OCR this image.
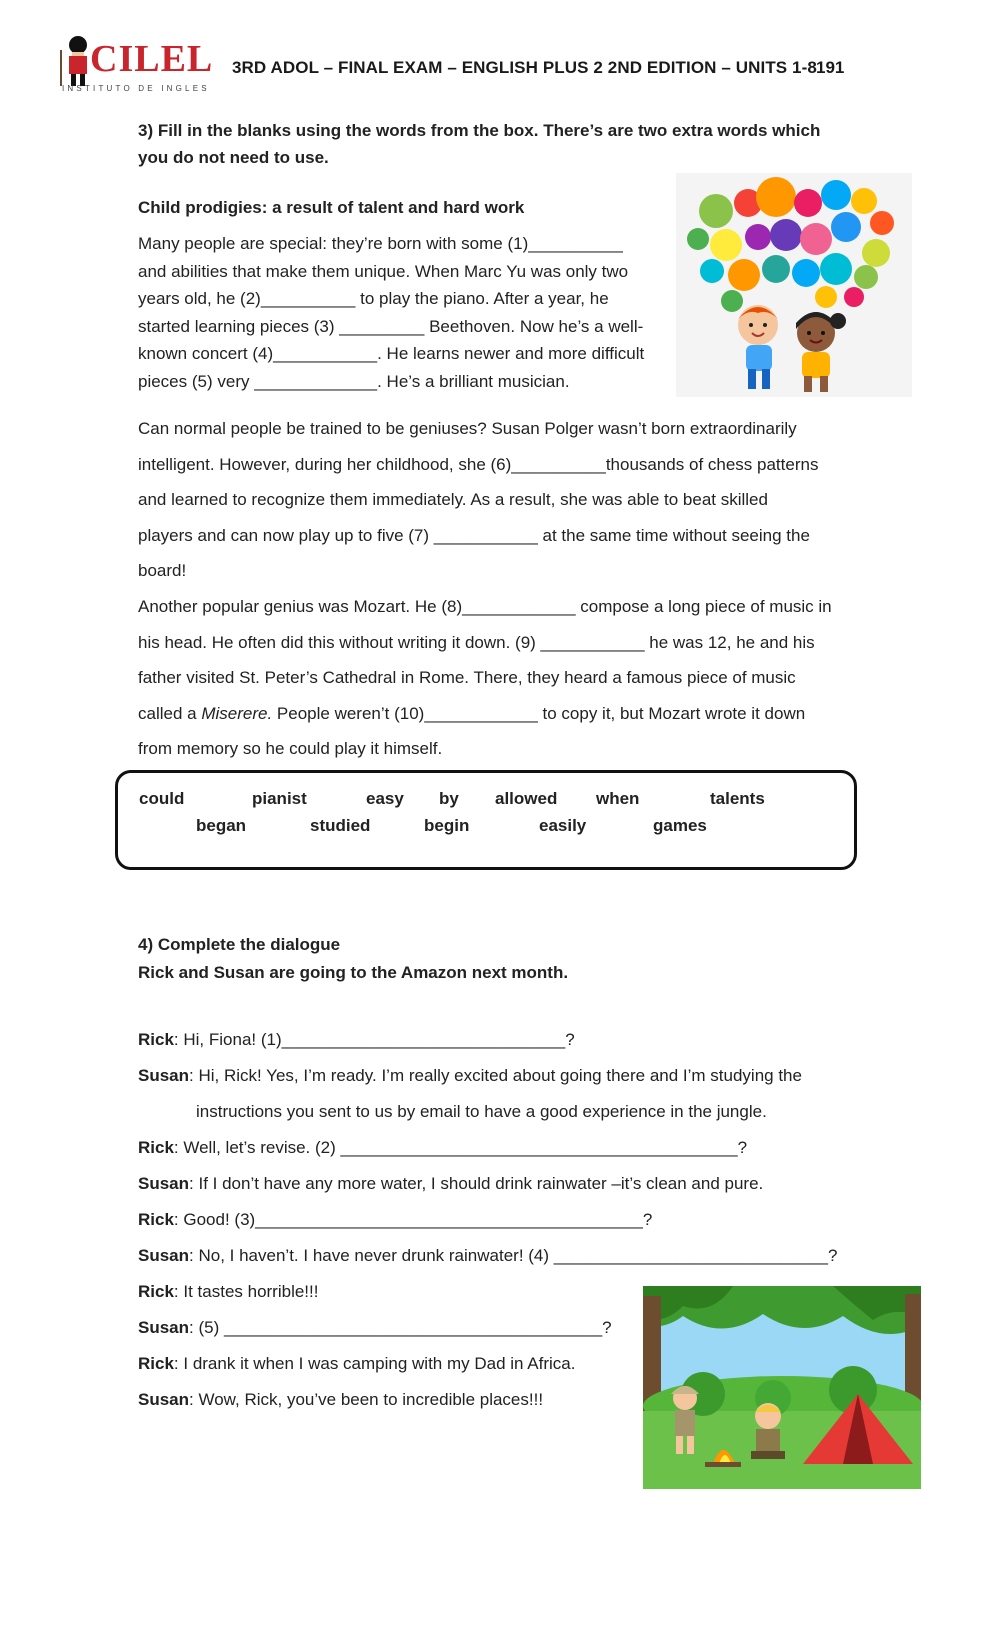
CILEL
INSTITUTO DE INGLES
3RD ADOL – FINAL EXAM – ENGLISH PLUS 2 2ND EDITION – UNITS 1-8 191
3) Fill in the blanks using the words from the box. There’s are two extra words which
you do not need to use.
Child prodigies: a result of talent and hard work
Many people are special: they’re born with some (1)__________
and abilities that make them unique. When Marc Yu was only two
years old, he (2)__________ to play the piano. After a year, he
started learning pieces (3) _________ Beethoven. Now he’s a well-
known concert (4)___________. He learns newer and more difficult
pieces (5) very _____________. He’s a brilliant musician.
Can normal people be trained to be geniuses? Susan Polger wasn’t born extraordinarily
intelligent. However, during her childhood, she (6)__________thousands of chess patterns
and learned to recognize them immediately. As a result, she was able to beat skilled
players and can now play up to five (7) ___________ at the same time without seeing the
board!
Another popular genius was Mozart. He (8)____________ compose a long piece of music in
his head. He often did this without writing it down. (9) ___________ he was 12, he and his
father visited St. Peter’s Cathedral in Rome. There, they heard a famous piece of music
called a Miserere. People weren’t (10)____________ to copy it, but Mozart wrote it down
from memory so he could play it himself.
could	pianist	easy by allowed when	talents
began	studied	begin	easily	games
4) Complete the dialogue
Rick and Susan are going to the Amazon next month.
Rick: Hi, Fiona! (1)______________________________?
Susan: Hi, Rick! Yes, I’m ready. I’m really excited about going there and I’m studying the
instructions you sent to us by email to have a good experience in the jungle.
Rick: Well, let’s revise. (2) __________________________________________?
Susan: If I don’t have any more water, I should drink rainwater –it’s clean and pure.
Rick: Good! (3)_________________________________________?
Susan: No, I haven’t. I have never drunk rainwater! (4) _____________________________?
Rick: It tastes horrible!!!
Susan: (5) ________________________________________?
Rick: I drank it when I was camping with my Dad in Africa.
Susan: Wow, Rick, you’ve been to incredible places!!!
